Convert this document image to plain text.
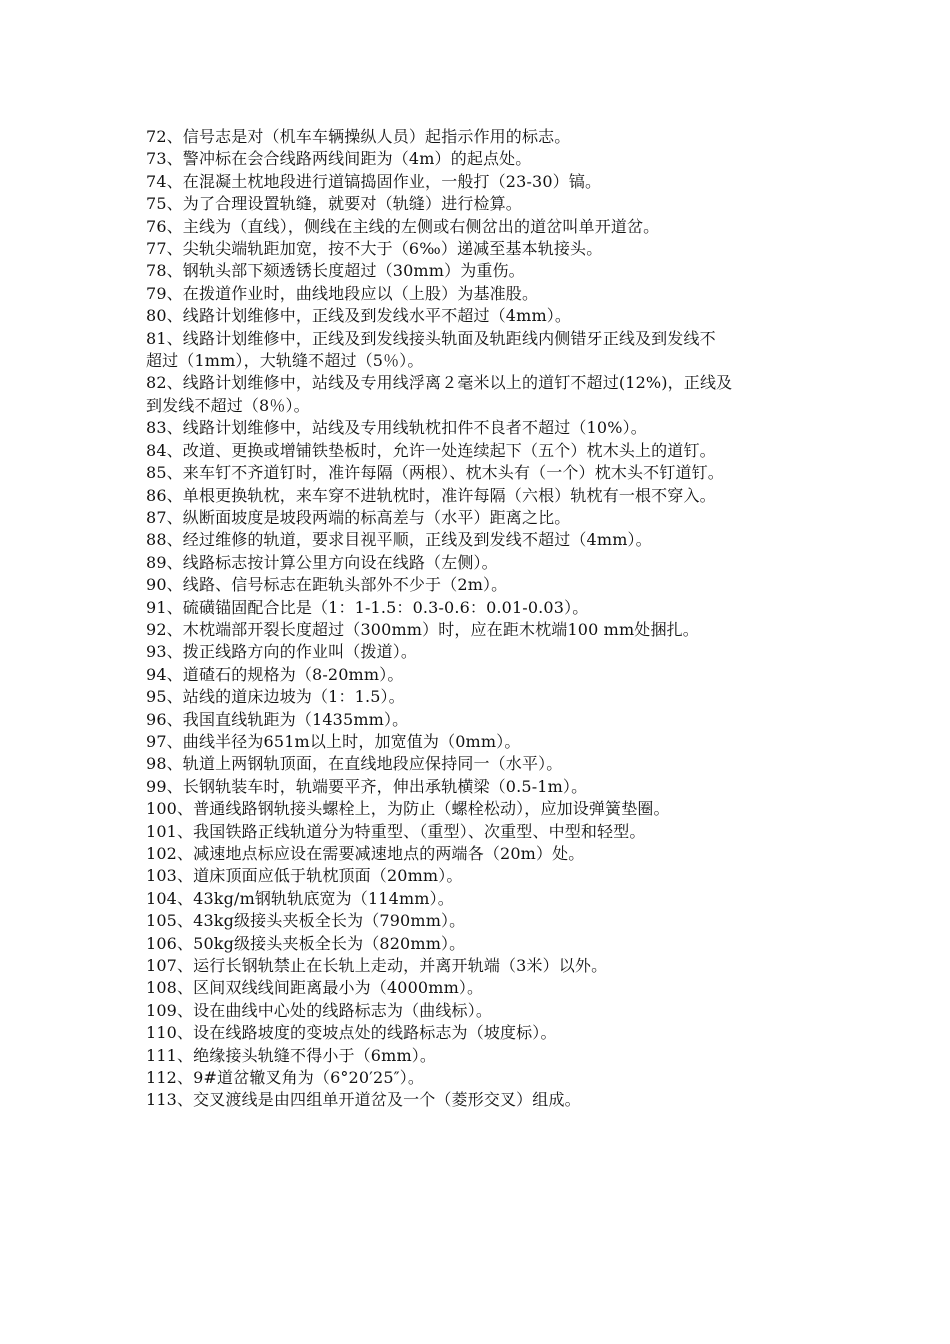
72、信号志是对（机车车辆操纵人员）起指示作用的标志。
73、警冲标在会合线路两线间距为（4m）的起点处。
74、在混凝土枕地段进行道镐捣固作业，一般打（23-30）镐。
75、为了合理设置轨缝，就要对（轨缝）进行检算。
76、主线为（直线），侧线在主线的左侧或右侧岔出的道岔叫单开道岔。
77、尖轨尖端轨距加宽，按不大于（6‰）递减至基本轨接头。
78、钢轨头部下颏透锈长度超过（30mm）为重伤。
79、在拨道作业时，曲线地段应以（上股）为基准股。
80、线路计划维修中，正线及到发线水平不超过（4mm）。
81、线路计划维修中，正线及到发线接头轨面及轨距线内侧错牙正线及到发线不
超过（1mm），大轨缝不超过（5％）。
82、线路计划维修中，站线及专用线浮离２毫米以上的道钉不超过(12%)，正线及
到发线不超过（8％）。
83、线路计划维修中，站线及专用线轨枕扣件不良者不超过（10%）。
84、改道、更换或增铺铁垫板时，允许一处连续起下（五个）枕木头上的道钉。
85、来车钉不齐道钉时，准许每隔（两根）、枕木头有（一个）枕木头不钉道钉。
86、单根更换轨枕，来车穿不进轨枕时，准许每隔（六根）轨枕有一根不穿入。
87、纵断面坡度是坡段两端的标高差与（水平）距离之比。
88、经过维修的轨道，要求目视平顺，正线及到发线不超过（4mm）。
89、线路标志按计算公里方向设在线路（左侧）。
90、线路、信号标志在距轨头部外不少于（2m）。
91、硫磺锚固配合比是（1：1-1.5：0.3-0.6：0.01-0.03）。
92、木枕端部开裂长度超过（300mm）时，应在距木枕端100 mm处捆扎。
93、拨正线路方向的作业叫（拨道）。
94、道碴石的规格为（8-20mm）。
95、站线的道床边坡为（1：1.5）。
96、我国直线轨距为（1435mm）。
97、曲线半径为651m以上时，加宽值为（0mm）。
98、轨道上两钢轨顶面，在直线地段应保持同一（水平）。
99、长钢轨装车时，轨端要平齐，伸出承轨横梁（0.5-1m）。
100、普通线路钢轨接头螺栓上，为防止（螺栓松动），应加设弹簧垫圈。
101、我国铁路正线轨道分为特重型、（重型）、次重型、中型和轻型。
102、减速地点标应设在需要减速地点的两端各（20m）处。
103、道床顶面应低于轨枕顶面（20mm）。
104、43kg/m钢轨轨底宽为（114mm）。
105、43kg级接头夹板全长为（790mm）。
106、50kg级接头夹板全长为（820mm）。
107、运行长钢轨禁止在长轨上走动，并离开轨端（3米）以外。
108、区间双线线间距离最小为（4000mm）。
109、设在曲线中心处的线路标志为（曲线标）。
110、设在线路坡度的变坡点处的线路标志为（坡度标）。
111、绝缘接头轨缝不得小于（6mm）。
112、9#道岔辙叉角为（6°20′25″）。
113、交叉渡线是由四组单开道岔及一个（菱形交叉）组成。
